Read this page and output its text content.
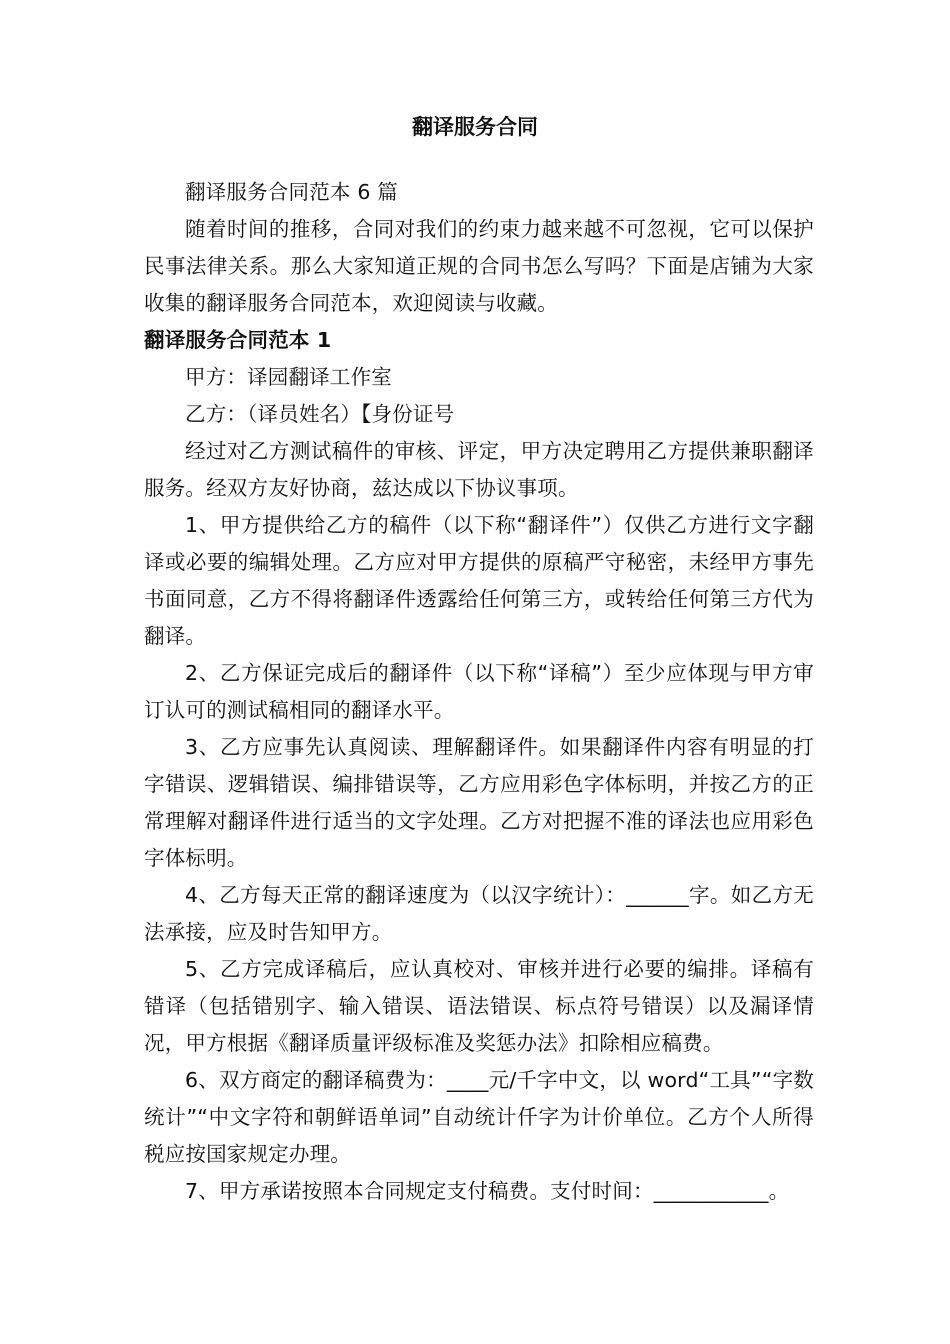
翻译服务合同

翻译服务合同范本 6 篇

随着时间的推移，合同对我们的约束力越来越不可忽视，它可以保护民事法律关系。那么大家知道正规的合同书怎么写吗？下面是店铺为大家收集的翻译服务合同范本，欢迎阅读与收藏。

翻译服务合同范本 1

甲方：译园翻译工作室

乙方：（译员姓名）【身份证号

经过对乙方测试稿件的审核、评定，甲方决定聘用乙方提供兼职翻译服务。经双方友好协商，兹达成以下协议事项。

1、甲方提供给乙方的稿件（以下称“翻译件”）仅供乙方进行文字翻译或必要的编辑处理。乙方应对甲方提供的原稿严守秘密，未经甲方事先书面同意，乙方不得将翻译件透露给任何第三方，或转给任何第三方代为翻译。

2、乙方保证完成后的翻译件（以下称“译稿”）至少应体现与甲方审订认可的测试稿相同的翻译水平。

3、乙方应事先认真阅读、理解翻译件。如果翻译件内容有明显的打字错误、逻辑错误、编排错误等，乙方应用彩色字体标明，并按乙方的正常理解对翻译件进行适当的文字处理。乙方对把握不准的译法也应用彩色字体标明。

4、乙方每天正常的翻译速度为（以汉字统计）：______字。如乙方无法承接，应及时告知甲方。

5、乙方完成译稿后，应认真校对、审核并进行必要的编排。译稿有错译（包括错别字、输入错误、语法错误、标点符号错误）以及漏译情况，甲方根据《翻译质量评级标准及奖惩办法》扣除相应稿费。

6、双方商定的翻译稿费为：____元/千字中文，以 word“工具”“字数统计”“中文字符和朝鲜语单词”自动统计仟字为计价单位。乙方个人所得税应按国家规定办理。

7、甲方承诺按照本合同规定支付稿费。支付时间：___________。
